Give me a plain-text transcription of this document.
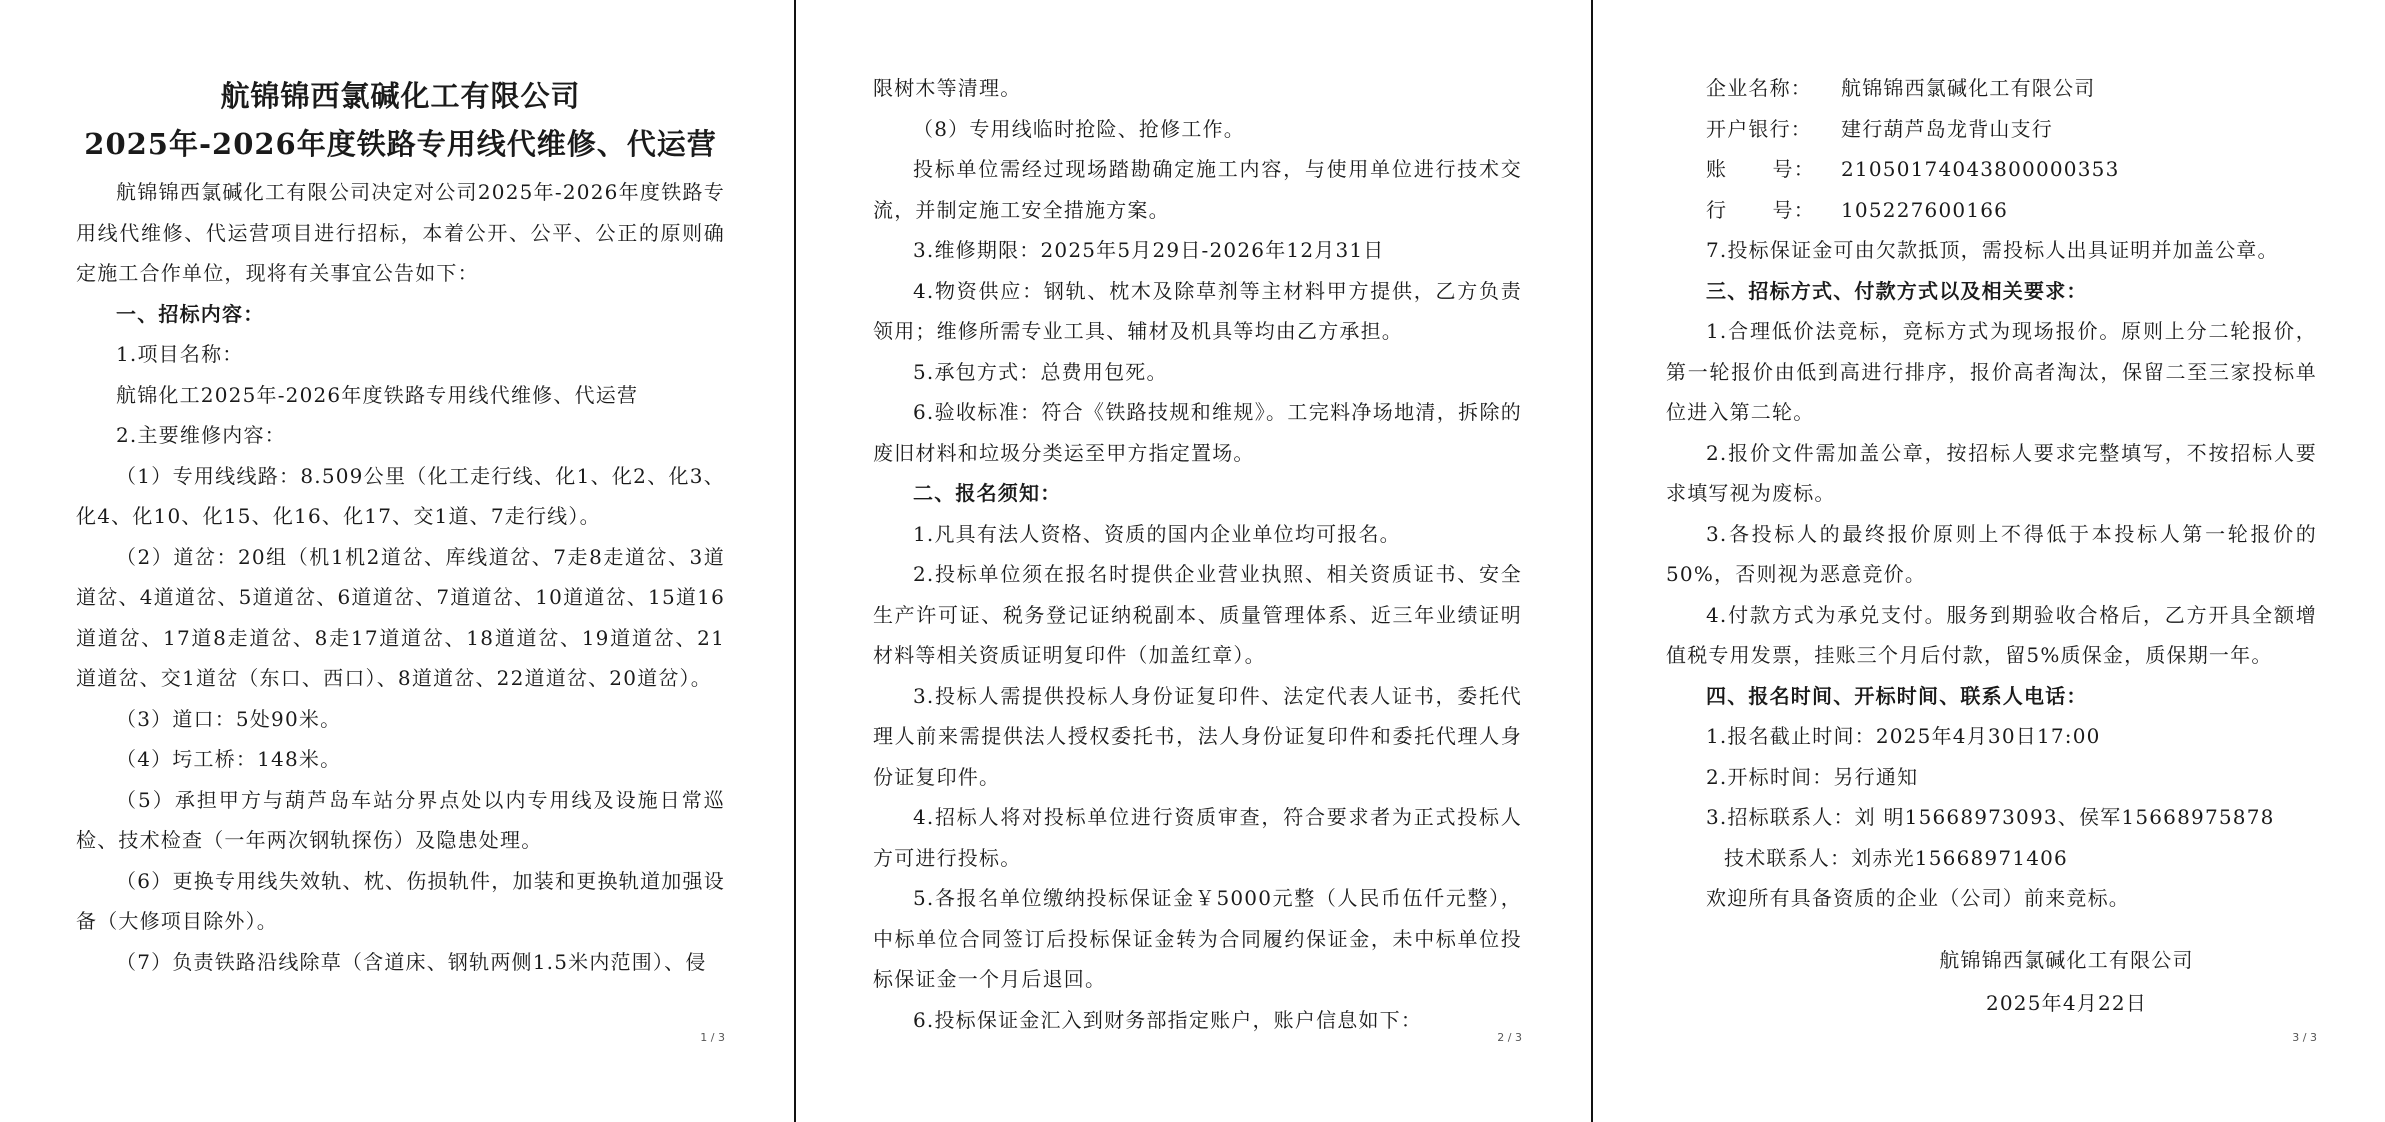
航锦锦西氯碱化工有限公司
2025年-2026年度铁路专用线代维修、代运营

航锦锦西氯碱化工有限公司决定对公司2025年-2026年度铁路专用线代维修、代运营项目进行招标，本着公开、公平、公正的原则确定施工合作单位，现将有关事宜公告如下：

一、招标内容：

1.项目名称：

航锦化工2025年-2026年度铁路专用线代维修、代运营

2.主要维修内容：

（1）专用线线路：8.509公里（化工走行线、化1、化2、化3、化4、化10、化15、化16、化17、交1道、7走行线）。

（2）道岔：20组（机1机2道岔、库线道岔、7走8走道岔、3道道岔、4道道岔、5道道岔、6道道岔、7道道岔、10道道岔、15道16道道岔、17道8走道岔、8走17道道岔、18道道岔、19道道岔、21道道岔、交1道岔（东口、西口）、8道道岔、22道道岔、20道岔）。

（3）道口：5处90米。

（4）圬工桥：148米。

（5）承担甲方与葫芦岛车站分界点处以内专用线及设施日常巡检、技术检查（一年两次钢轨探伤）及隐患处理。

（6）更换专用线失效轨、枕、伤损轨件，加装和更换轨道加强设备（大修项目除外）。

（7）负责铁路沿线除草（含道床、钢轨两侧1.5米内范围）、侵

1 / 3

限树木等清理。

（8）专用线临时抢险、抢修工作。

投标单位需经过现场踏勘确定施工内容，与使用单位进行技术交流，并制定施工安全措施方案。

3.维修期限：2025年5月29日-2026年12月31日

4.物资供应：钢轨、枕木及除草剂等主材料甲方提供，乙方负责领用；维修所需专业工具、辅材及机具等均由乙方承担。

5.承包方式：总费用包死。

6.验收标准：符合《铁路技规和维规》。工完料净场地清，拆除的废旧材料和垃圾分类运至甲方指定置场。

二、报名须知：

1.凡具有法人资格、资质的国内企业单位均可报名。

2.投标单位须在报名时提供企业营业执照、相关资质证书、安全生产许可证、税务登记证纳税副本、质量管理体系、近三年业绩证明材料等相关资质证明复印件（加盖红章）。

3.投标人需提供投标人身份证复印件、法定代表人证书，委托代理人前来需提供法人授权委托书，法人身份证复印件和委托代理人身份证复印件。

4.招标人将对投标单位进行资质审查，符合要求者为正式投标人方可进行投标。

5.各报名单位缴纳投标保证金￥5000元整（人民币伍仟元整），中标单位合同签订后投标保证金转为合同履约保证金，未中标单位投标保证金一个月后退回。

6.投标保证金汇入到财务部指定账户，账户信息如下：

2 / 3
企业名称：	航锦锦西氯碱化工有限公司
开户银行：	建行葫芦岛龙背山支行
账      号：	21050174043800000353
行      号：	105227600166

7.投标保证金可由欠款抵顶，需投标人出具证明并加盖公章。

三、招标方式、付款方式以及相关要求：

1.合理低价法竞标，竞标方式为现场报价。原则上分二轮报价，第一轮报价由低到高进行排序，报价高者淘汰，保留二至三家投标单位进入第二轮。

2.报价文件需加盖公章，按招标人要求完整填写，不按招标人要求填写视为废标。

3.各投标人的最终报价原则上不得低于本投标人第一轮报价的50%，否则视为恶意竞价。

4.付款方式为承兑支付。服务到期验收合格后，乙方开具全额增值税专用发票，挂账三个月后付款，留5%质保金，质保期一年。

四、报名时间、开标时间、联系人电话：

1.报名截止时间：2025年4月30日17:00

2.开标时间：另行通知

3.招标联系人：刘 明15668973093、侯军15668975878

技术联系人：刘赤光15668971406

欢迎所有具备资质的企业（公司）前来竞标。

航锦锦西氯碱化工有限公司
2025年4月22日
3 / 3
